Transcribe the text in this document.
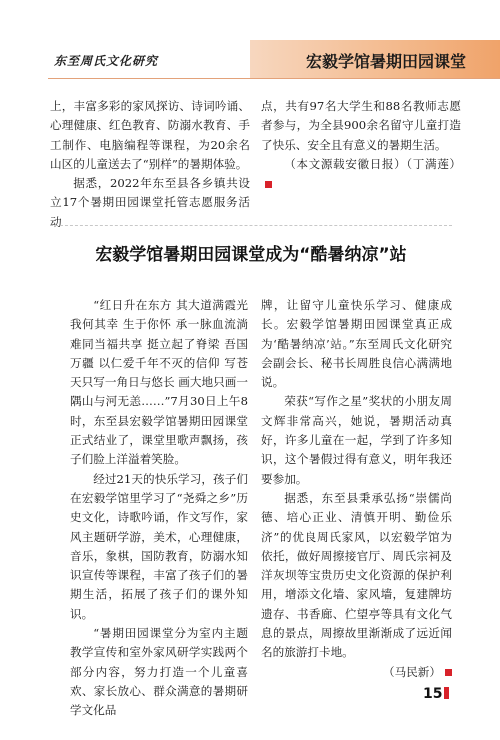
东至周氏文化研究	宏毅学馆暑期田园课堂

上，丰富多彩的家风探访、诗词吟诵、心理健康、红色教育、防溺水教育、手工制作、电脑编程等课程，为20余名山区的儿童送去了“别样”的暑期体验。

据悉，2022年东至县各乡镇共设立17个暑期田园课堂托管志愿服务活动

点，共有97名大学生和88名教师志愿者参与，为全县900余名留守儿童打造了快乐、安全且有意义的暑期生活。

（本文源载安徽日报）（丁满莲）

宏毅学馆暑期田园课堂成为“酷暑纳凉”站

“红日升在东方 其大道满霞光 我何其幸 生于你怀 承一脉血流淌 难同当福共享 挺立起了脊梁 吾国万疆 以仁爱千年不灭的信仰 写苍天只写一角日与悠长 画大地只画一隅山与河无恙……”7月30日上午8时，东至县宏毅学馆暑期田园课堂正式结业了，课堂里歌声飘扬，孩子们脸上洋溢着笑脸。

经过21天的快乐学习，孩子们在宏毅学馆里学习了“尧舜之乡”历史文化，诗歌吟诵，作文写作，家风主题研学游，美术，心理健康，音乐，象棋，国防教育，防溺水知识宣传等课程，丰富了孩子们的暑期生活，拓展了孩子们的课外知识。

“暑期田园课堂分为室内主题教学宣传和室外家风研学实践两个部分内容，努力打造一个儿童喜欢、家长放心、群众满意的暑期研学文化品

牌，让留守儿童快乐学习、健康成长。宏毅学馆暑期田园课堂真正成为‘酷暑纳凉’站。”东至周氏文化研究会副会长、秘书长周胜良信心满满地说。

荣获“写作之星”奖状的小朋友周文辉非常高兴，她说，暑期活动真好，许多儿童在一起，学到了许多知识，这个暑假过得有意义，明年我还要参加。

据悉，东至县秉承弘扬“崇儒尚德、培心正业、清慎开明、勤俭乐济”的优良周氏家风，以宏毅学馆为依托，做好周擦接官厅、周氏宗祠及洋灰坝等宝贵历史文化资源的保护利用，增添文化墙、家风墙，复建牌坊遗存、书香廊、伫望亭等具有文化气息的景点，周擦故里渐渐成了远近闻名的旅游打卡地。

（马民新）

15
